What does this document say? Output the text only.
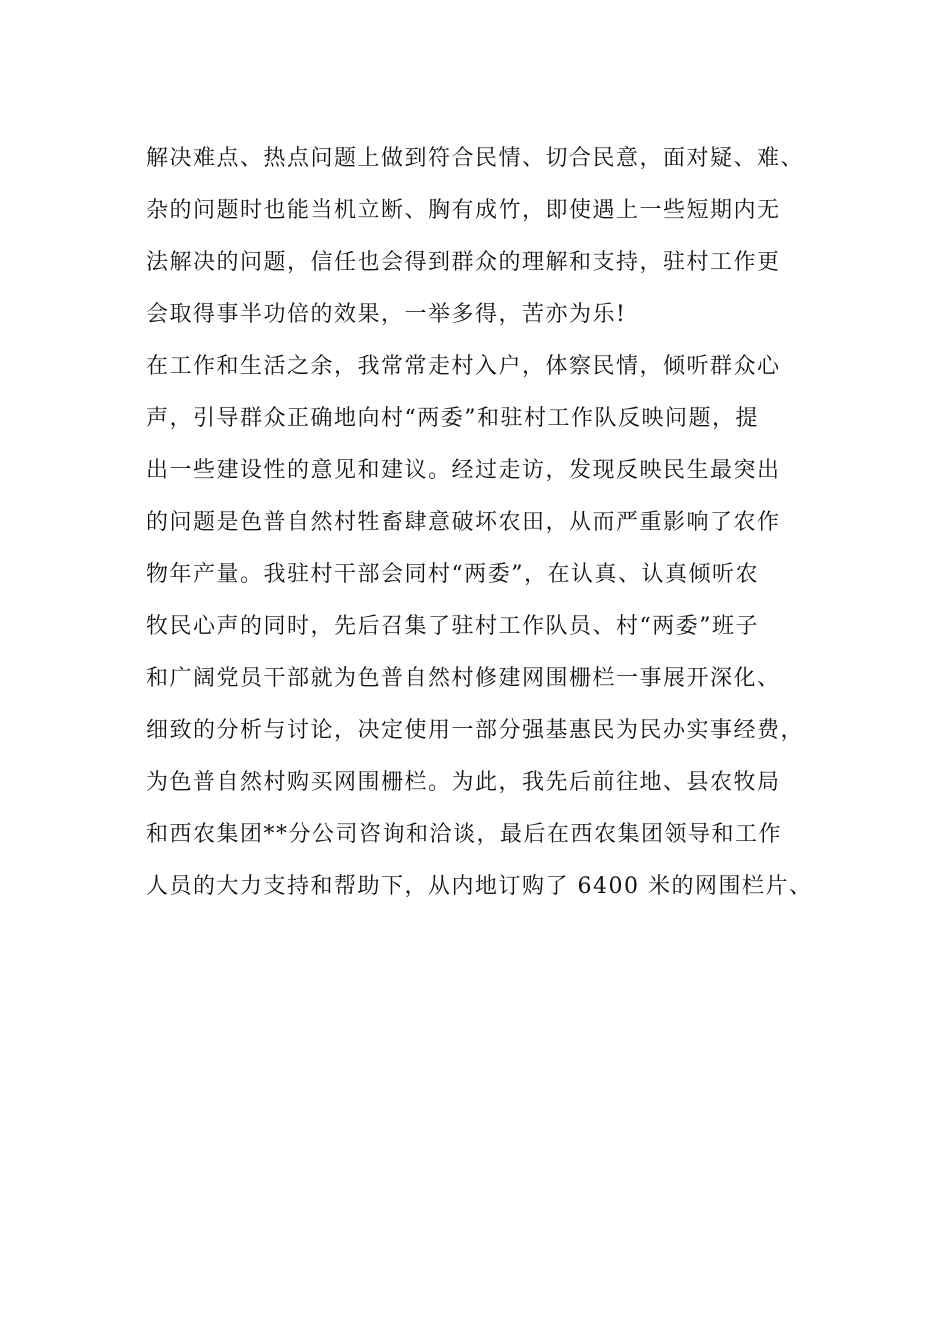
解决难点、热点问题上做到符合民情、切合民意，面对疑、难、
杂的问题时也能当机立断、胸有成竹，即使遇上一些短期内无
法解决的问题，信任也会得到群众的理解和支持，驻村工作更
会取得事半功倍的效果，一举多得，苦亦为乐!
在工作和生活之余，我常常走村入户，体察民情，倾听群众心
声，引导群众正确地向村“两委”和驻村工作队反映问题，提
出一些建设性的意见和建议。经过走访，发现反映民生最突出
的问题是色普自然村牲畜肆意破坏农田，从而严重影响了农作
物年产量。我驻村干部会同村“两委”，在认真、认真倾听农
牧民心声的同时，先后召集了驻村工作队员、村“两委”班子
和广阔党员干部就为色普自然村修建网围栅栏一事展开深化、
细致的分析与讨论，决定使用一部分强基惠民为民办实事经费，
为色普自然村购买网围栅栏。为此，我先后前往地、县农牧局
和西农集团**分公司咨询和洽谈，最后在西农集团领导和工作
人员的大力支持和帮助下，从内地订购了 6400 米的网围栏片、
